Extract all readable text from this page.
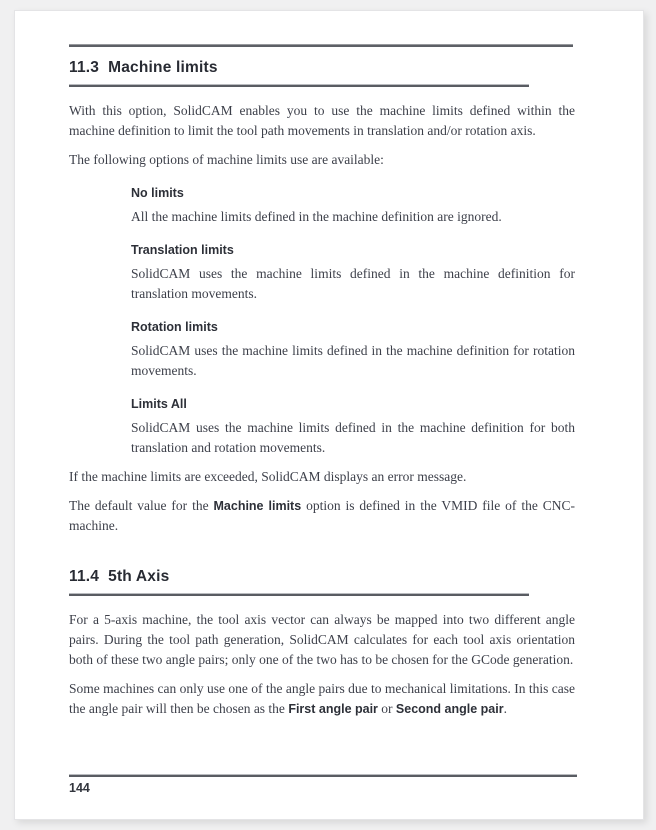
11.3 Machine limits

With this option, SolidCAM enables you to use the machine limits defined within the machine definition to limit the tool path movements in translation and/or rotation axis.

The following options of machine limits use are available:

No limits
All the machine limits defined in the machine definition are ignored.
Translation limits
SolidCAM uses the machine limits defined in the machine definition for translation movements.
Rotation limits
SolidCAM uses the machine limits defined in the machine definition for rotation movements.
Limits All
SolidCAM uses the machine limits defined in the machine definition for both translation and rotation movements.

If the machine limits are exceeded, SolidCAM displays an error message.

The default value for the Machine limits option is defined in the VMID file of the CNC-machine.

11.4 5th Axis

For a 5-axis machine, the tool axis vector can always be mapped into two different angle pairs. During the tool path generation, SolidCAM calculates for each tool axis orientation both of these two angle pairs; only one of the two has to be chosen for the GCode generation.

Some machines can only use one of the angle pairs due to mechanical limitations. In this case the angle pair will then be chosen as the First angle pair or Second angle pair.

144
